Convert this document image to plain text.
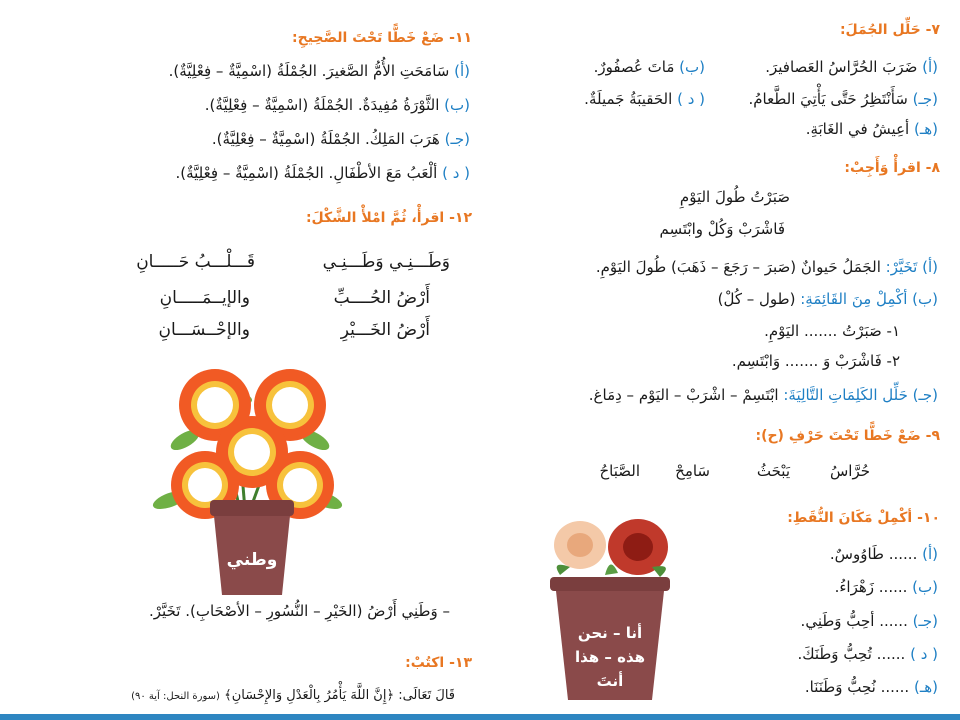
٧- حَلِّل الجُمَلَ:
(أ) ضَرَبَ الحُرَّاسُ العَصافيرَ.
(ب) مَاتَ عُصفُورٌ.
(جـ) سَأَنْتَظِرُ حَتَّى يَأْتِيَ الطَّعامُ.
( د ) الحَقيبَةُ جَميلَةٌ.
(هـ) أعِيشُ في الغَابَةِ.
٨- اقرأْ وَأَجِبْ:
صَبَرْتُ طُولَ اليَوْمِ
فَاشْرَبْ وَكُلْ وابْتَسِم
(أ) تَخَيَّرْ: الجَمَلُ حَيوانٌ (صَبرَ – رَجَعَ – ذَهَبَ) طُولَ اليَوْمِ.
(ب) أكْمِلْ مِنَ القَائِمَةِ: (طول – كُلْ)
١- صَبَرْتُ ....... اليَوْمِ.
٢- فَاشْرَبْ وَ ....... وَابْتَسِم.
(جـ) حَلِّل الكَلِمَاتِ التَّالِيَةَ: ابْتَسِمْ – اشْرَبْ – اليَوْم – دِمَاغ.
٩- ضَعْ خَطًّا تَحْتَ حَرْفِ (ح):
حُرَّاسُ
يَبْحَثُ
سَامِحْ
الصَّبَاحُ
١٠- أكْمِلْ مَكَانَ النُّقَطِ:
(أ) ...... طَاوُوسٌ.
(ب) ...... زَهْرَاءُ.
(جـ) ...... أحِبُّ وَطَنِي.
( د ) ...... تُحِبُّ وَطَنَكَ.
(هـ) ...... نُحِبُّ وَطَنَنَا.
أنا – نحن
هذه – هذا
أنتَ
١١- ضَعْ خَطًّا تَحْتَ الصَّحِيحِ:
(أ) سَامَحَتِ الأُمُّ الصَّغيرَ. الجُمْلَةُ (اسْمِيَّةٌ – فِعْلِيَّةٌ).
(ب) الثَّوْرَةُ مُفِيدَةٌ. الجُمْلَةُ (اسْمِيَّةٌ – فِعْلِيَّةٌ).
(جـ) هَرَبَ المَلِكُ. الجُمْلَةُ (اسْمِيَّةٌ – فِعْلِيَّةٌ).
( د ) ألْعَبُ مَعَ الأطْفَالِ. الجُمْلَةُ (اسْمِيَّةٌ – فِعْلِيَّةٌ).
١٢- اقرأْ، ثُمَّ امْلأْ الشَّكْلَ:
وَطَـــنِـي وَطَـــنِـي
قَـــلْـــبُ حَـــــانِ
أَرْضُ الحُــــبِّ
والإيــمَـــــانِ
أَرْضُ الخَـــيْرِ
والإحْــسَـــانِ
وطني
– وَطَنِي أَرْضُ (الخَيْرِ – النُّسُورِ – الأصْحَابِ). تَخَيَّرْ.
١٣- اكتُبْ:
قَالَ تَعَالَى: ﴿إِنَّ اللَّهَ يَأْمُرُ بِالْعَدْلِ وَالإِحْسَانِ﴾ (سورة النحل: آية ٩٠)
